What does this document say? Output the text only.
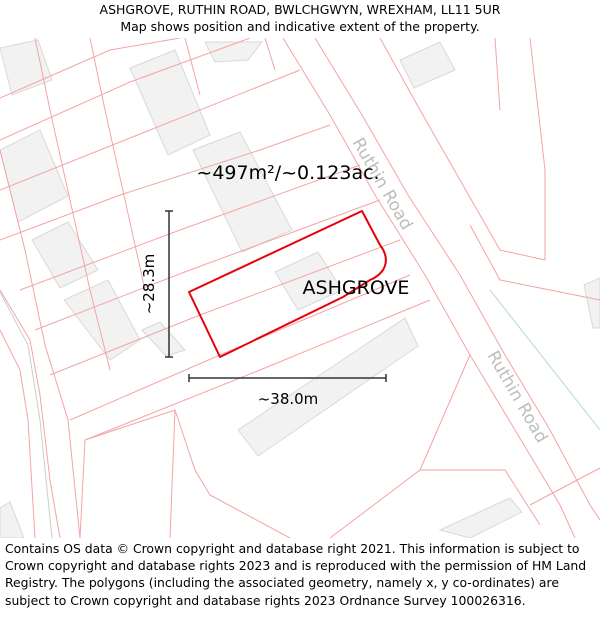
ASHGROVE, RUTHIN ROAD, BWLCHGWYN, WREXHAM, LL11 5UR
Map shows position and indicative extent of the property.
Ruthin Road
Ruthin Road
~497m²/~0.123ac.
ASHGROVE
~28.3m
~38.0m
Contains OS data © Crown copyright and database right 2021. This information is subject to Crown copyright and database rights 2023 and is reproduced with the permission of HM Land Registry. The polygons (including the associated geometry, namely x, y co-ordinates) are subject to Crown copyright and database rights 2023 Ordnance Survey 100026316.
